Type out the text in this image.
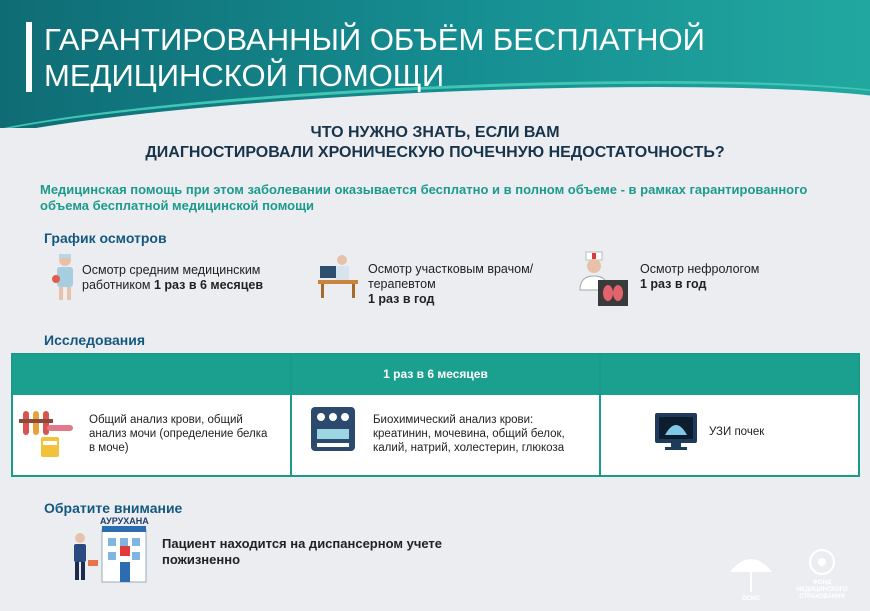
ГАРАНТИРОВАННЫЙ ОБЪЁМ БЕСПЛАТНОЙ МЕДИЦИНСКОЙ ПОМОЩИ
ЧТО НУЖНО ЗНАТЬ, ЕСЛИ ВАМ
ДИАГНОСТИРОВАЛИ ХРОНИЧЕСКУЮ ПОЧЕЧНУЮ НЕДОСТАТОЧНОСТЬ?
Медицинская помощь при этом заболевании оказывается бесплатно и в полном объеме - в рамках гарантированного объема бесплатной медицинской помощи
График осмотров
Осмотр средним медицинским работником 1 раз в 6 месяцев
Осмотр участковым врачом/терапевтом
1 раз в год
Осмотр нефрологом
1 раз в год
Исследования
1 раз в 6 месяцев
Общий анализ крови, общий анализ мочи (определение белка в моче)
Биохимический анализ крови: креатинин, мочевина, общий белок, калий, натрий, холестерин, глюкоза
УЗИ почек
Обратите внимание
АУРУХАНА
Пациент находится на диспансерном учете пожизненно
ОСМС
ФОНД МЕДИЦИНСКОГО СТРАХОВАНИЯ
